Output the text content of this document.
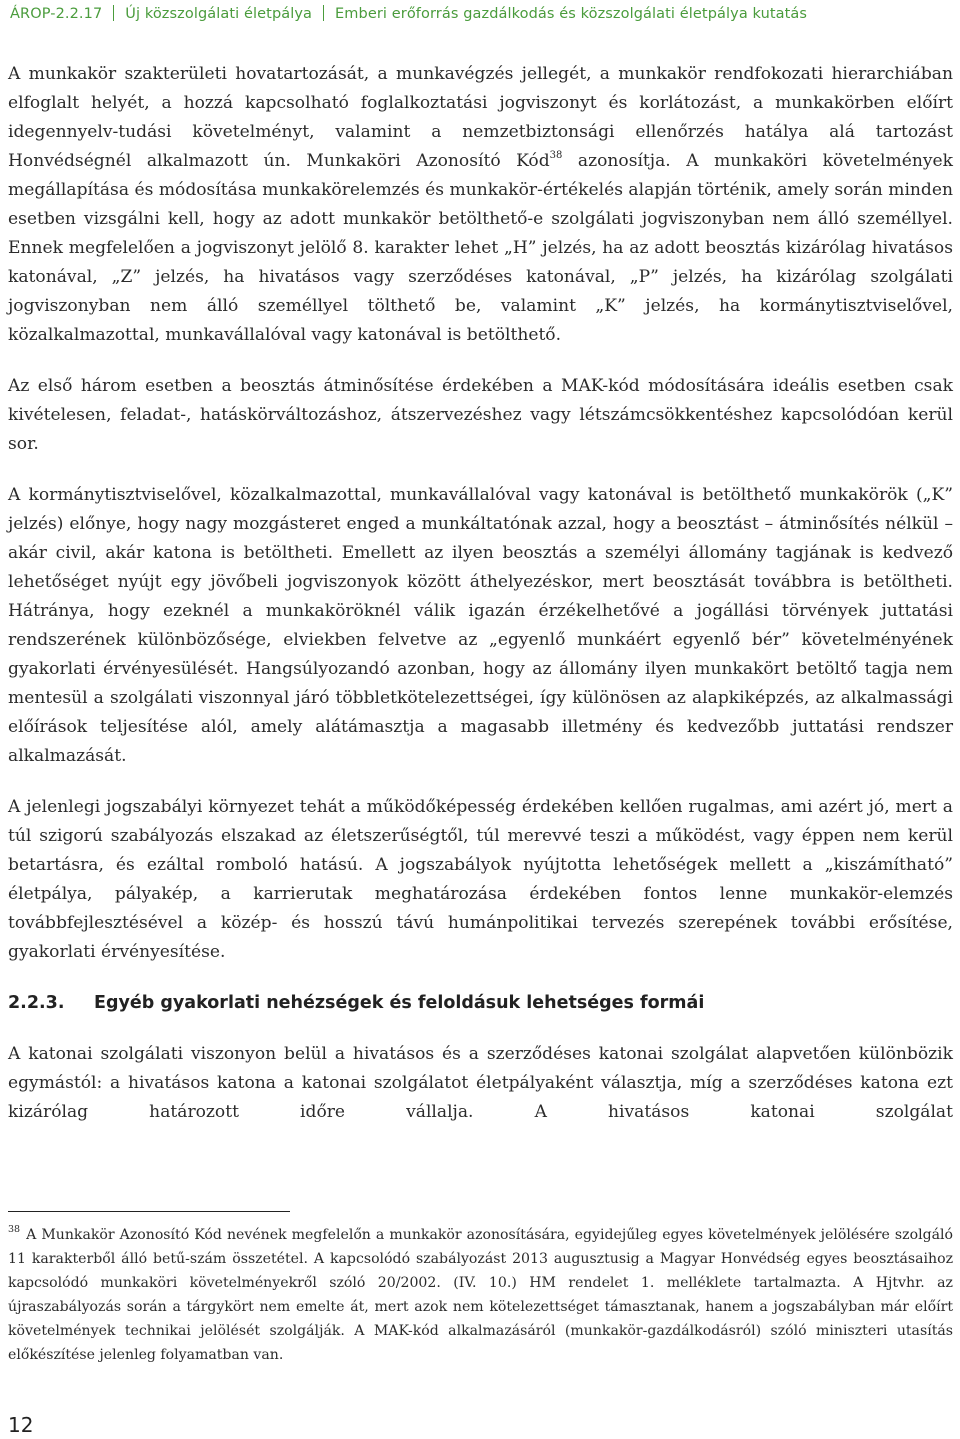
ÁROP-2.2.17 Új közszolgálati életpálya Emberi erőforrás gazdálkodás és közszolgálati életpálya kutatás

A munkakör szakterületi hovatartozását, a munkavégzés jellegét, a munkakör rendfokozati hierarchiában elfoglalt helyét, a hozzá kapcsolható foglalkoztatási jogviszonyt és korlátozást, a munkakörben előírt idegennyelv-tudási követelményt, valamint a nemzetbiztonsági ellenőrzés hatálya alá tartozást Honvédségnél alkalmazott ún. Munkaköri Azonosító Kód$^{38}$ azonosítja. A munkaköri követelmények megállapítása és módosítása munkakörelemzés és munkakör-értékelés alapján történik, amely során minden esetben vizsgálni kell, hogy az adott munkakör betölthető-e szolgálati jogviszonyban nem álló személlyel. Ennek megfelelően a jogviszonyt jelölő 8. karakter lehet „H” jelzés, ha az adott beosztás kizárólag hivatásos katonával, „Z” jelzés, ha hivatásos vagy szerződéses katonával, „P” jelzés, ha kizárólag szolgálati jogviszonyban nem álló személlyel tölthető be, valamint „K” jelzés, ha kormánytisztviselővel, közalkalmazottal, munkavállalóval vagy katonával is betölthető.

Az első három esetben a beosztás átminősítése érdekében a MAK-kód módosítására ideális esetben csak kivételesen, feladat-, hatáskörváltozáshoz, átszervezéshez vagy létszámcsökkentéshez kapcsolódóan kerül sor.

A kormánytisztviselővel, közalkalmazottal, munkavállalóval vagy katonával is betölthető munkakörök („K” jelzés) előnye, hogy nagy mozgásteret enged a munkáltatónak azzal, hogy a beosztást – átminősítés nélkül – akár civil, akár katona is betöltheti. Emellett az ilyen beosztás a személyi állomány tagjának is kedvező lehetőséget nyújt egy jövőbeli jogviszonyok között áthelyezéskor, mert beosztását továbbra is betöltheti. Hátránya, hogy ezeknél a munkaköröknél válik igazán érzékelhetővé a jogállási törvények juttatási rendszerének különbözősége, elviekben felvetve az „egyenlő munkáért egyenlő bér” követelményének gyakorlati érvényesülését. Hangsúlyozandó azonban, hogy az állomány ilyen munkakört betöltő tagja nem mentesül a szolgálati viszonnyal járó többletkötelezettségei, így különösen az alapkiképzés, az alkalmassági előírások teljesítése alól, amely alátámasztja a magasabb illetmény és kedvezőbb juttatási rendszer alkalmazását.

A jelenlegi jogszabályi környezet tehát a működőképesség érdekében kellően rugalmas, ami azért jó, mert a túl szigorú szabályozás elszakad az életszerűségtől, túl merevvé teszi a működést, vagy éppen nem kerül betartásra, és ezáltal romboló hatású. A jogszabályok nyújtotta lehetőségek mellett a „kiszámítható” életpálya, pályakép, a karrierutak meghatározása érdekében fontos lenne munkakör-elemzés továbbfejlesztésével a közép- és hosszú távú humánpolitikai tervezés szerepének további erősítése, gyakorlati érvényesítése.

2.2.3. Egyéb gyakorlati nehézségek és feloldásuk lehetséges formái

A katonai szolgálati viszonyon belül a hivatásos és a szerződéses katonai szolgálat alapvetően különbözik egymástól: a hivatásos katona a katonai szolgálatot életpályaként választja, míg a szerződéses katona ezt kizárólag határozott időre vállalja. A hivatásos katonai szolgálat

$^{38}$ A Munkakör Azonosító Kód nevének megfelelőn a munkakör azonosítására, egyidejűleg egyes követelmények jelölésére szolgáló 11 karakterből álló betű-szám összetétel. A kapcsolódó szabályozást 2013 augusztusig a Magyar Honvédség egyes beosztásaihoz kapcsolódó munkaköri követelményekről szóló 20/2002. (IV. 10.) HM rendelet 1. melléklete tartalmazta. A Hjtvhr. az újraszabályozás során a tárgykört nem emelte át, mert azok nem kötelezettséget támasztanak, hanem a jogszabályban már előírt követelmények technikai jelölését szolgálják. A MAK-kód alkalmazásáról (munkakör-gazdálkodásról) szóló miniszteri utasítás előkészítése jelenleg folyamatban van.
12
